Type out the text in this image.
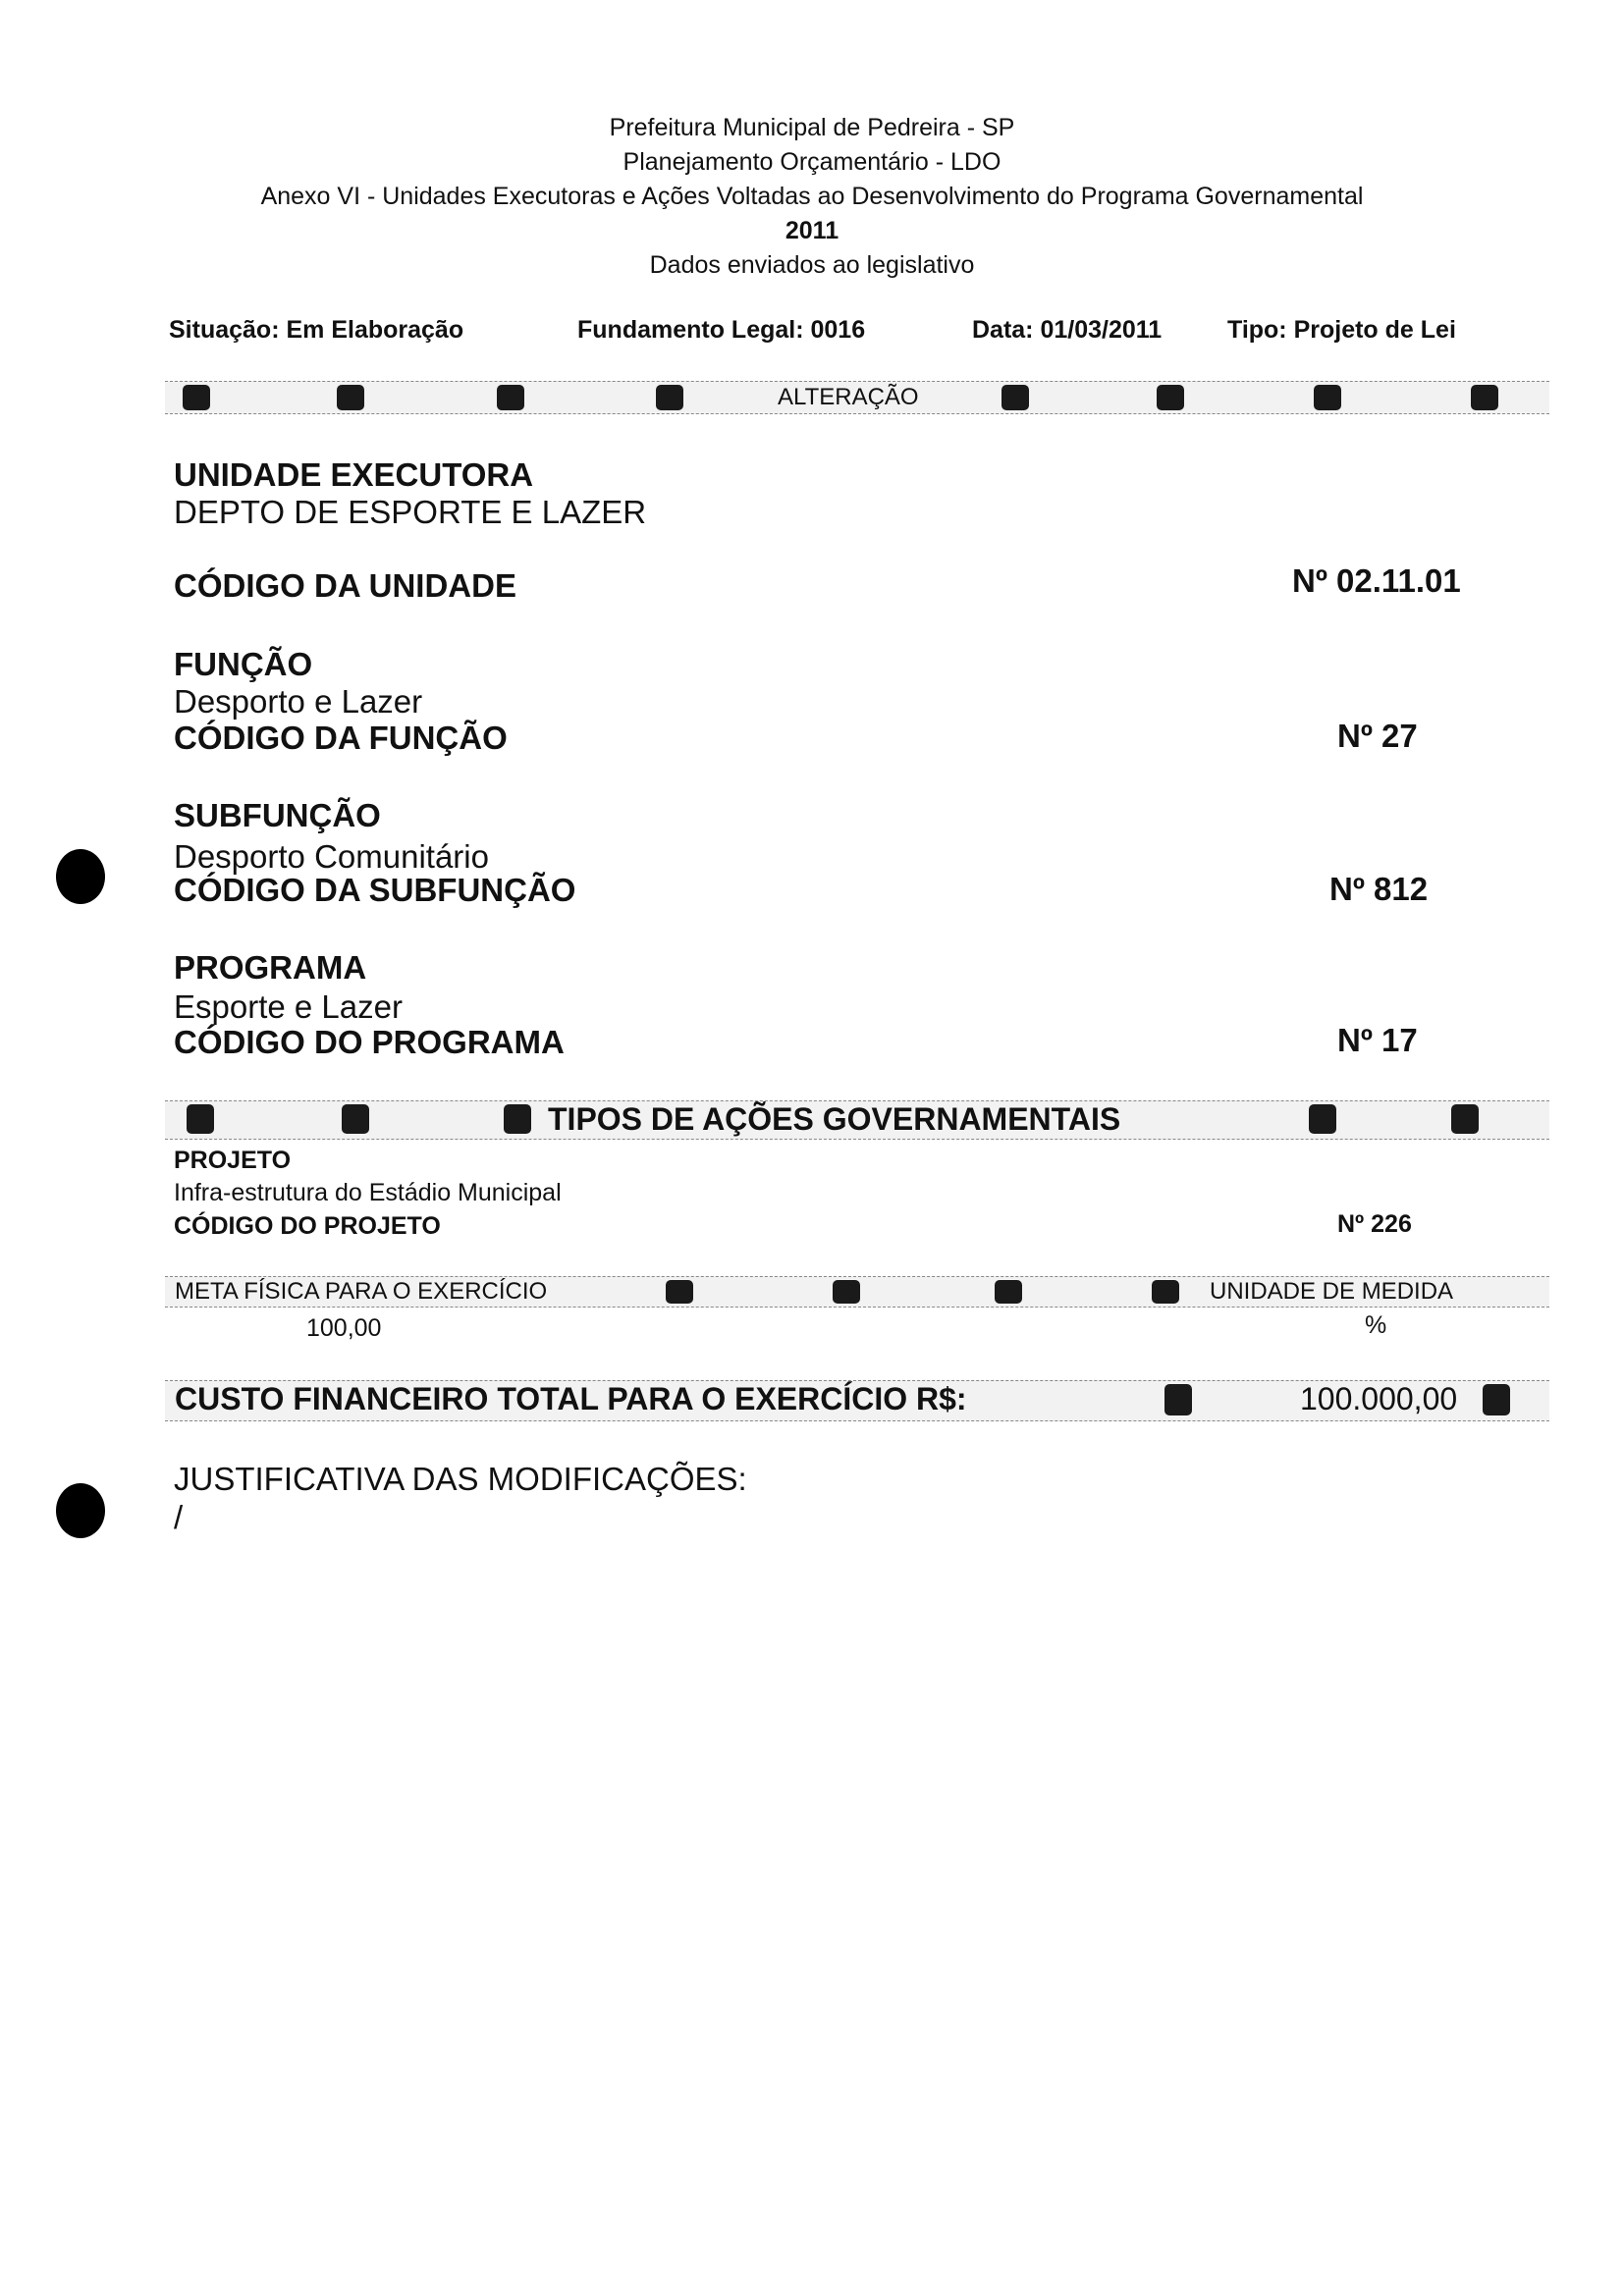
Prefeitura Municipal de Pedreira - SP
Planejamento Orçamentário - LDO
Anexo VI - Unidades Executoras e Ações Voltadas ao Desenvolvimento do Programa Governamental
2011
Dados enviados ao legislativo
Situação: Em Elaboração	Fundamento Legal: 0016	Data: 01/03/2011	Tipo: Projeto de Lei
ALTERAÇÃO
UNIDADE EXECUTORA
DEPTO DE ESPORTE E LAZER
CÓDIGO DA UNIDADE	Nº 02.11.01
FUNÇÃO
Desporto e Lazer
CÓDIGO DA FUNÇÃO	Nº 27
SUBFUNÇÃO
Desporto Comunitário
CÓDIGO DA SUBFUNÇÃO	Nº 812
PROGRAMA
Esporte e Lazer
CÓDIGO DO PROGRAMA	Nº 17
TIPOS DE AÇÕES GOVERNAMENTAIS
PROJETO
Infra-estrutura do Estádio Municipal
CÓDIGO DO PROJETO	Nº 226
META FÍSICA PARA O EXERCÍCIO	UNIDADE DE MEDIDA
100,00	%
CUSTO FINANCEIRO TOTAL PARA O EXERCÍCIO R$:	100.000,00
JUSTIFICATIVA DAS MODIFICAÇÕES:
/
